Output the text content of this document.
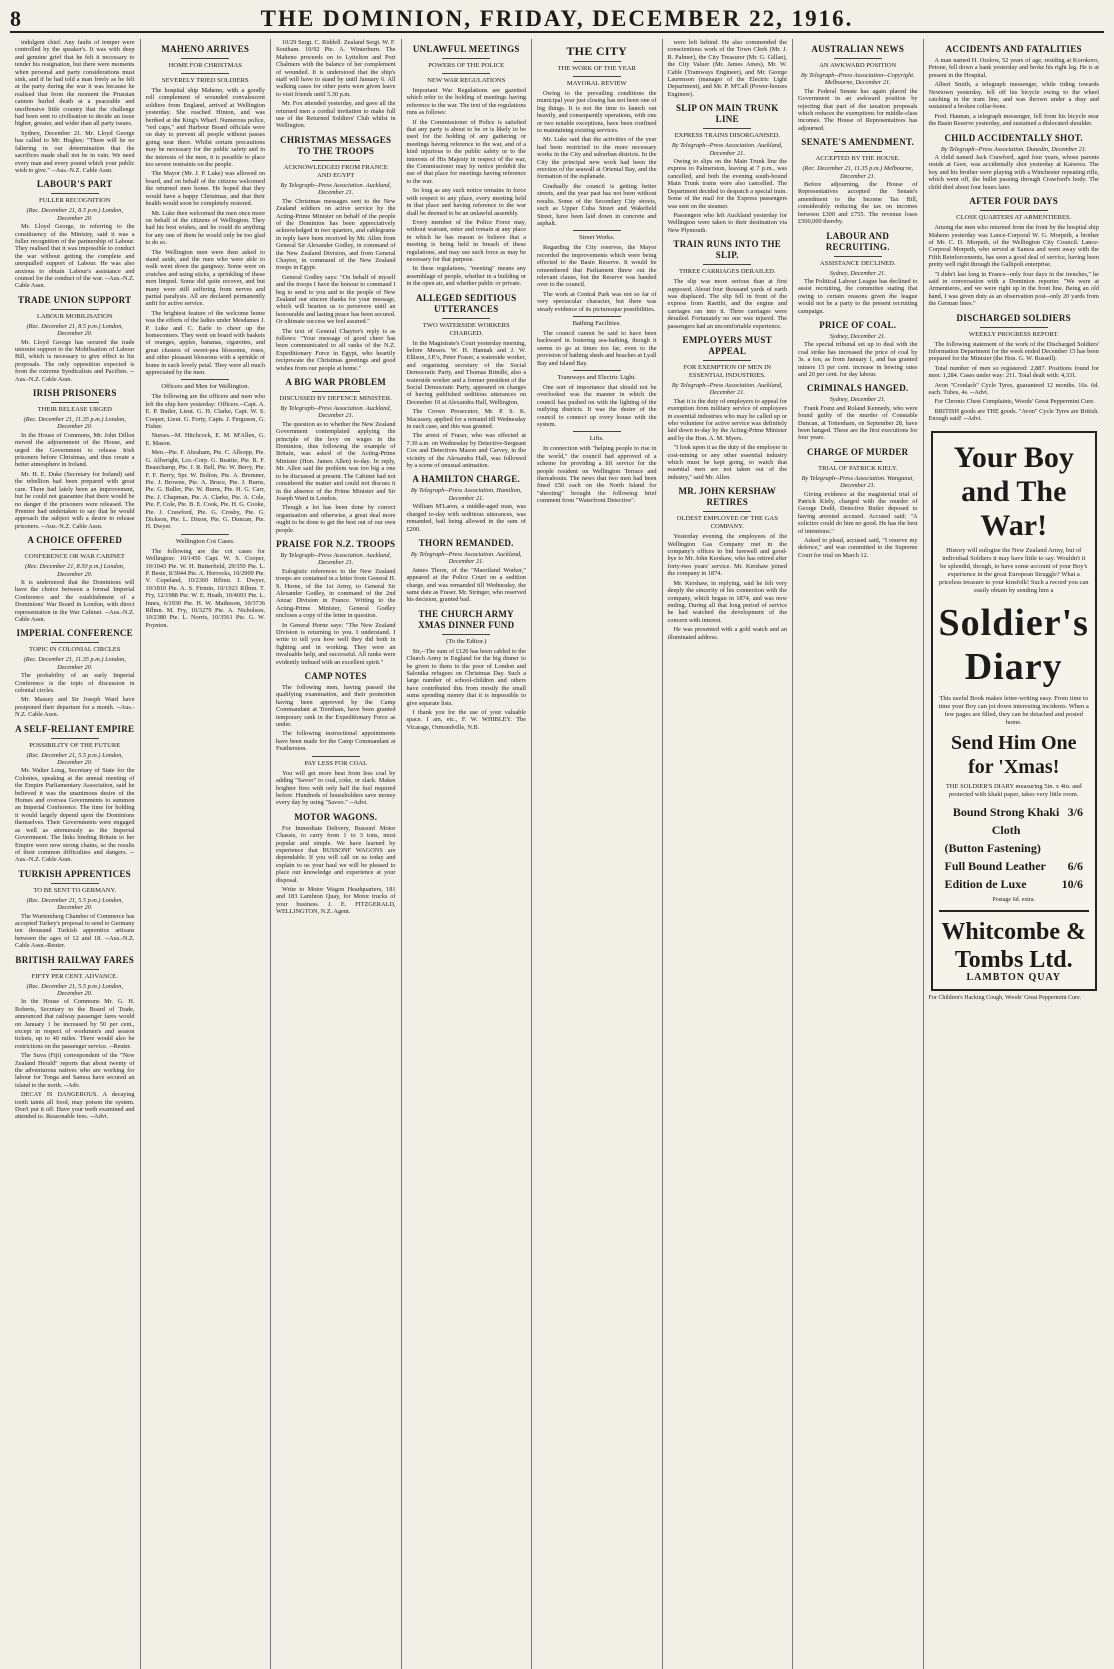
8	THE DOMINION, FRIDAY, DECEMBER 22, 1916.

indulgent chief. Any faults of temper were controlled by the speaker's. It was with deep and genuine grief that he felt it necessary to tender his resignation, but there were moments when personal and party considerations must sink, and if he had told a man freely as he felt at the party during the war it was because he realised that from the moment the Prussian cannon hurled death at a peaceable and unoffensive little country that the challenge had been sent to civilisation to decide an issue higher, greater, and wider than all party issues.

Sydney, December 21. Mr. Lloyd George has called to Mr. Hughes: "There will be no faltering in our determination that the sacrifices made shall not be in vain. We need every man and every pound which your public wish to give." --Aus.-N.Z. Cable Assn.

LABOUR'S PART
FULLER RECOGNITION
(Rec. December 21, 8.5 p.m.) London, December 20.

Mr. Lloyd George, in referring to the constituency of the Ministry, said it was a fuller recognition of the partnership of Labour. They realised that it was impossible to conduct the war without getting the complete and unequalled support of Labour. He was also anxious to obtain Labour's assistance and counsel for the conduct of the war. --Aus.-N.Z. Cable Assn.

TRADE UNION SUPPORT
LABOUR MOBILISATION
(Rec. December 21, 8.5 p.m.) London, December 20.

Mr. Lloyd George has secured the trade unionist support to the Mobilisation of Labour Bill, which is necessary to give effect to his proposals. The only opposition expected is from the extreme Syndicalists and Pacifists. --Aus.-N.Z. Cable Assn.

IRISH PRISONERS
THEIR RELEASE URGED
(Rec. December 21, 11.35 p.m.) London, December 20.

In the House of Commons, Mr. John Dillon moved the adjournment of the House, and urged the Government to release Irish prisoners before Christmas, and thus create a better atmosphere in Ireland.

Mr. H. E. Duke (Secretary for Ireland) said the rebellion had been prepared with great care. There had lately been an improvement, but he could not guarantee that there would be no danger if the prisoners were released. The Premier had undertaken to say that he would approach the subject with a desire to release prisoners. --Aus.-N.Z. Cable Assn.

A CHOICE OFFERED
CONFERENCE OR WAR CABINET
(Rec. December 21, 8.50 p.m.) London, December 20.

It is understood that the Dominions will have the choice between a formal Imperial Conference and the establishment of a Dominions' War Board in London, with direct representation in the War Cabinet. --Aus.-N.Z. Cable Assn.

IMPERIAL CONFERENCE
TOPIC IN COLONIAL CIRCLES
(Rec. December 21, 11.35 p.m.) London, December 20.

The probability of an early Imperial Conference is the topic of discussion in colonial circles.

Mr. Massey and Sir Joseph Ward have postponed their departure for a month. --Aus.-N.Z. Cable Assn.

A SELF-RELIANT EMPIRE
POSSIBILITY OF THE FUTURE
(Rec. December 21, 5.5 p.m.) London, December 20.

Mr. Walter Long, Secretary of State for the Colonies, speaking at the annual meeting of the Empire Parliamentary Association, said he believed it was the unanimous desire of the Homes and oversea Governments to summon an Imperial Conference. The time for holding it would largely depend upon the Dominions themselves. Their Governments were engaged as well as strenuously as the Imperial Government. The links binding Britain to her Empire were now strong chains, so the results of their common difficulties and dangers. --Aus.-N.Z. Cable Assn.

TURKISH APPRENTICES
TO BE SENT TO GERMANY.
(Rec. December 21, 5.5 p.m.) London, December 20.

The Wurtemberg Chamber of Commerce has accepted Turkey's proposal to send to Germany ten thousand Turkish apprentice artisans between the ages of 12 and 18. --Aus.-N.Z. Cable Assn.-Reuter.

BRITISH RAILWAY FARES
FIFTY PER CENT. ADVANCE.
(Rec. December 21, 5.5 p.m.) London, December 20.

In the House of Commons Mr. G. H. Roberts, Secretary to the Board of Trade, announced that railway passenger fares would on January 1 be increased by 50 per cent., except in respect of workmen's and season tickets, up to 40 miles. There would also be restrictions on the passenger service. --Reuter.

The Suva (Fiji) correspondent of the "New Zealand Herald" reports that about twenty of the adventurous natives who are working for labour for Tonga and Samoa have secured an island to the north. --Adv.

DECAY IS DANGEROUS. A decaying tooth taints all food, may poison the system. Don't put it off. Have your teeth examined and attended to. Reasonable fees. --Advt.

MAHENO ARRIVES
HOME FOR CHRISTMAS
SEVERELY TRIED SOLDIERS

The hospital ship Maheno, with a goodly roll complement of wounded convalescent soldiers from England, arrived at Wellington yesterday. She reached Hinton, and was berthed at the King's Wharf. Numerous police, "red caps," and Harbour Board officials were on duty to prevent all people without passes going near there. Whilst certain precautions may be necessary for the public safety and in the interests of the men, it is possible to place too severe restraints on the people.

The Mayor (Mr. J. P. Luke) was allowed on board, and on behalf of the citizens welcomed the returned men home. He hoped that they would have a happy Christmas, and that their health would soon be completely restored.

Mr. Luke then welcomed the men once more on behalf of the citizens of Wellington. They had his best wishes, and he could do anything for any one of them he would only be too glad to do so.

The Wellington men were then asked to stand aside, and the men who were able to walk went down the gangway. Some were on crutches and using sticks, a sprinkling of these men limped. Some did quite recover, and but many were still suffering from nerves and partial paralysis. All are declared permanently unfit for active service.

The brightest feature of the welcome home was the efforts of the ladies under Mesdames J. P. Luke and C. Earle to cheer up the homecomers. They went on board with baskets of oranges, apples, bananas, cigarettes, and great clusters of sweet-pea blossoms, roses, and other pleasant blossoms with a sprinkle of home in each lovely petal. They were all much appreciated by the men.

Officers and Men for Wellington.

The following are the officers and men who left the ship here yesterday: Officers.--Capt. A. E. P. Butler, Lieut. G. H. Clarke, Capt. W. S. Cooper, Lieut. G. Forty, Capts. J. Ferguson, G. Fisher.

Nurses.--M. Hitchcock, E. M. M'Allen, G. E. Mason.

Men.--Pte. F. Abraham, Pte. C. Allsopp, Pte. G. Allwright, Lce.-Corp. G. Beattie, Pte. R. F. Beauchamp, Pte. J. R. Bell, Pte. W. Berry, Pte. F. F. Berry, Spr. W. Bolton, Pte. A. Bremner, Pte. J. Browne, Pte. A. Bruce, Pte. J. Burns, Pte. G. Buller, Pte. W. Burns, Pte. H. G. Carr, Pte. J. Chapman, Pte. A. Clarke, Pte. A. Cole, Pte. F. Cole, Pte. B. E. Cook, Pte. H. G. Cooke, Pte. J. Crawford, Pte. G. Crosby, Pte. G. Dickson, Pte. L. Dixon, Pte. G. Duncan, Pte. H. Dwyer.

Wellington Cot Cases.

The following are the cot cases for Wellington: 10/1450 Capt. W. S. Cooper, 10/1043 Pte. W. H. Butterfield, 29/350 Pte. L. P. Beste, 8/3044 Pte. A. Horrocks, 10/2909 Pte. V. Copeland, 10/2360 Rflmn. J. Dwyer, 10/1810 Pte. A. S. Firmin, 10/1923 Rflmn. T. Fry, 12/1988 Pte. W. E. Heath, 10/4093 Pte. L. Innes, 6/1930 Pte. H. W. Matheson, 10/3736 Rflmn. M. Fry, 10/3279 Pte. A. Nicholson, 10/2380 Pte. L. Norris, 10/3561 Pte. G. W. Poynton.

10/29 Sergt. C. Riddell. Zealand Sergt. W. F. Southam. 10/92 Pte. A. Winterburn. The Maheno proceeds on to Lyttelton and Port Chalmers with the balance of her complement of wounded. It is understood that the ship's staff will have to stand by until January 6. All walking cases for other ports were given leave to visit friends until 5.30 p.m.

Mr. Fox attended yesterday, and gave all the returned men a cordial invitation to make full use of the Returned Soldiers' Club whilst in Wellington.

CHRISTMAS MESSAGES TO THE TROOPS
ACKNOWLEDGED FROM FRANCE AND EGYPT
By Telegraph--Press Association. Auckland, December 21.

The Christmas messages sent to the New Zealand soldiers on active service by the Acting-Prime Minister on behalf of the people of the Dominion has been appreciatively acknowledged in two quarters, and cablegrams in reply have been received by Mr. Allen from General Sir Alexander Godley, in command of the New Zealand Division, and from General Chaytor, in command of the New Zealand troops in Egypt.

General Godley says: "On behalf of myself and the troops I have the honour to command I beg to send to you and to the people of New Zealand our sincere thanks for your message, which will hearten us to persevere until an honourable and lasting peace has been secured. Or ultimate success we feel assured."

The text of General Chaytor's reply is as follows: "Your message of good cheer has been communicated to all ranks of the N.Z. Expeditionary Force in Egypt, who heartily reciprocate the Christmas greetings and good wishes from our people at home."

A BIG WAR PROBLEM
DISCUSSED BY DEFENCE MINISTER.
By Telegraph--Press Association. Auckland, December 21.

The question as to whether the New Zealand Government contemplated applying the principle of the levy on wages in the Dominion, thus following the example of Britain, was asked of the Acting-Prime Minister (Hon. James Allen) to-day. In reply, Mr. Allen said the problem was too big a one to be discussed at present. The Cabinet had not considered the matter and could not discuss it in the absence of the Prime Minister and Sir Joseph Ward in London.

Though a lot has been done by correct organisation and otherwise, a great deal more ought to be done to get the best out of our own people.

PRAISE FOR N.Z. TROOPS
By Telegraph--Press Association. Auckland, December 21.

Eulogistic references to the New Zealand troops are contained in a letter from General H. S. Horne, of the 1st Army, to General Sir Alexander Godley, in command of the 2nd Anzac Division in France. Writing to the Acting-Prime Minister, General Godley encloses a copy of the letter in question.

In General Horne says: "The New Zealand Division is returning to you. I understand. I write to tell you how well they did both in fighting and in working. They were an invaluable help, and successful. All ranks were evidently imbued with an excellent spirit."

CAMP NOTES

The following men, having passed the qualifying examination, and their promotion having been approved by the Camp Commandant at Trentham, have been granted temporary rank in the Expeditionary Force as under.

The following instructional appointments have been made for the Camp Commandant at Featherston.

PAY LESS FOR COAL

You will get more heat from less coal by adding "Savoo" to coal, coke, or slack. Makes brighter fires with only half the fuel required before. Hundreds of householders save money every day by using "Savoo." --Advt.

MOTOR WAGONS.

For Immediate Delivery, Bussonf Motor Chassis, to carry from 1 to 3 tons, most popular and simple. We have learned by experience that BUSSONF WAGONS are dependable. If you will call on us today and explain to us your haul we will be pleased to place our knowledge and experience at your disposal.

Write to Motor Wagon Headquarters, 181 and 183 Lambton Quay, for Motor trucks of your business. J. E. FITZGERALD, WELLINGTON, N.Z. Agent.

UNLAWFUL MEETINGS
POWERS OF THE POLICE
NEW WAR REGULATIONS

Important War Regulations are gazetted which refer to the holding of meetings having reference to the war. The text of the regulations runs as follows:

If the Commissioner of Police is satisfied that any party is about to be or is likely to be used for the holding of any gathering or meetings having reference to the war, and of a kind injurious to the public safety or to the interests of His Majesty in respect of the war, the Commissioner may by notice prohibit the use of that place for meetings having reference to the war.

So long as any such notice remains in force with respect to any place, every meeting held in that place and having reference to the war shall be deemed to be an unlawful assembly.

Every member of the Police Force may, without warrant, enter and remain at any place in which he has reason to believe that a meeting is being held in breach of these regulations, and may use such force as may be necessary for that purpose.

In these regulations, "meeting" means any assemblage of people, whether in a building or in the open air, and whether public or private.

ALLEGED SEDITIOUS UTTERANCES
TWO WATERSIDE WORKERS CHARGED.

In the Magistrate's Court yesterday morning, before Messrs. W. H. Hannah and J. W. Ellison, J.P.'s, Peter Fraser, a waterside worker, and organising secretary of the Social Democratic Party, and Thomas Brindle, also a waterside worker and a former president of the Social Democratic Party, appeared on charges of having published seditious utterances on December 10 at Alexandra Hall, Wellington.

The Crown Prosecutor, Mr. P. S. K. Macassey, applied for a remand till Wednesday in each case, and this was granted.

The arrest of Fraser, who was effected at 7.30 a.m. on Wednesday by Detective-Sergeant Cox and Detectives Mason and Carvey, in the vicinity of the Alexandra Hall, was followed by a scene of unusual animation.

A HAMILTON CHARGE.
By Telegraph--Press Association. Hamilton, December 21.

William M'Laren, a middle-aged man, was charged to-day with seditious utterances, was remanded, bail being allowed in the sum of £200.

THORN REMANDED.
By Telegraph--Press Association. Auckland, December 21.

James Thorn, of the "Maoriland Worker," appeared at the Police Court on a sedition charge, and was remanded till Wednesday, the same date as Fraser. Mr. Stringer, who reserved his decision, granted bail.

THE CHURCH ARMY XMAS DINNER FUND
(To the Editor.)

Sir,--The sum of £120 has been cabled to the Church Army in England for the big dinner to be given to them to the poor of London and Salonika refugees on Christmas Day. Such a large number of school-children and others have contributed this from mostly the small sums spending money that it is impossible to give separate lists.

I thank you for the use of your valuable space. I am, etc., F. W. WHIBLEY. The Vicarage, Ormondville, N.B.

THE CITY
THE WORK OF THE YEAR
MAYORAL REVIEW

Owing to the prevailing conditions the municipal year just closing has not been one of big things. It is not the time to launch out heavily, and consequently operations, with one or two notable exceptions, have been confined to maintaining existing services.

Mr. Luke said that the activities of the year had been restricted to the more necessary works in the City and suburban districts. In the City the principal new work had been the erection of the seawall at Oriental Bay, and the formation of the esplanade.

Gradually the council is getting better streets, and the year past has not been without results. Some of the Secondary City streets, such as Upper Cuba Street and Wakefield Street, have been laid down in concrete and asphalt.

Street Works.

Regarding the City reserves, the Mayor recorded the improvements which were being effected to the Basin Reserve. It would be remembered that Parliament threw out the relevant clause, but the Reserve was handed over to the council.

The work at Central Park was not so far of very spectacular character, but there was steady evidence of its picturesque possibilities.

Bathing Facilities.

The council cannot be said to have been backward in fostering sea-bathing, though it seems to go at times too far, even to the provision of bathing sheds and beaches at Lyall Bay and Island Bay.

Tramways and Electric Light.

One sort of importance that should not be overlooked was the manner in which the council has pushed on with the lighting of the outlying districts. It was the desire of the council to connect up every house with the system.

Lifts.

In connection with "helping people to rise in the world," the council had approved of a scheme for providing a lift service for the people resident on Wellington Terrace and thereabouts. The news that two men had been fined £50 each on the North Island for "shooting" brought the following brief comment from "Waterfront Detective".

were left behind. He also commended the conscientious work of the Town Clerk (Mr. J. R. Palmer), the City Treasurer (Mr. G. Gillan), the City Valuer (Mr. James Ames), Mr. W. Cable (Tramways Engineer), and Mr. George Laurenson (manager of the Electric Light Department), and Mr. P. M'Call (Power-houses Engineer).

SLIP ON MAIN TRUNK LINE
EXPRESS TRAINS DISORGANISED.
By Telegraph--Press Association. Auckland, December 21.

Owing to slips on the Main Trunk line the express to Palmerston, leaving at 7 p.m., was cancelled, and both the evening south-bound Main Trunk trains were also cancelled. The Department decided to despatch a special train. Some of the mail for the Express passengers was sent on the steamer.

Passengers who left Auckland yesterday for Wellington were taken to their destination via New Plymouth.

TRAIN RUNS INTO THE SLIP.
THREE CARRIAGES DERAILED.

The slip was more serious than at first supposed. About four thousand yards of earth was displaced. The slip fell in front of the express from Raetihi, and the engine and carriages ran into it. Three carriages were derailed. Fortunately no one was injured. The passengers had an uncomfortable experience.

EMPLOYERS MUST APPEAL
FOR EXEMPTION OF MEN IN ESSENTIAL INDUSTRIES.
By Telegraph--Press Association. Auckland, December 21.

That it is the duty of employers to appeal for exemption from military service of employees in essential industries who may be called up or who volunteer for active service was definitely laid down to-day by the Acting-Prime Minister and by the Hon. A. M. Myers.

"I look upon it as the duty of the employer in cost-mining or any other essential industry which must be kept going, to watch that essential men are not taken out of the industry," said Mr. Allen.

MR. JOHN KERSHAW RETIRES
OLDEST EMPLOYEE OF THE GAS COMPANY.

Yesterday evening the employees of the Wellington Gas Company met in the company's offices to bid farewell and good-bye to Mr. John Kershaw, who has retired after forty-two years' service. Mr. Kershaw joined the company in 1874.

Mr. Kershaw, in replying, said he felt very deeply the sincerity of his connection with the company, which began in 1874, and was now ending. During all that long period of service he had watched the development of the concern with interest.

He was presented with a gold watch and an illuminated address.

AUSTRALIAN NEWS
AN AWKWARD POSITION
By Telegraph--Press Association--Copyright. Melbourne, December 21.

The Federal Senate has again placed the Government in an awkward position by rejecting that part of the taxation proposals which reduces the exemptions for middle-class incomes. The House of Representatives has adjourned.

SENATE'S AMENDMENT.
ACCEPTED BY THE HOUSE.
(Rec. December 21, 11.35 p.m.) Melbourne, December 21.

Before adjourning, the House of Representatives accepted the Senate's amendment to the Income Tax Bill, considerably reducing the tax on incomes between £300 and £755. The revenue loses £500,000 thereby.

LABOUR AND RECRUITING.
ASSISTANCE DECLINED.
Sydney, December 21.

The Political Labour League has declined to assist recruiting, the committee stating that owing to certain reasons given the league would not be a party to the present recruiting campaign.

PRICE OF COAL.
Sydney, December 21.

The special tribunal set up to deal with the coal strike has increased the price of coal by 3s. a ton, as from January 1, and has granted miners 15 per cent. increase in hewing rates and 20 per cent. for day labour.

CRIMINALS HANGED.
Sydney, December 21.

Frank Franz and Roland Kennedy, who were found guilty of the murder of Constable Duncan, at Tottenham, on September 28, have been hanged. These are the first executions for four years.

CHARGE OF MURDER
TRIAL OF PATRICK KIELY.
By Telegraph--Press Association. Wanganui, December 21.

Giving evidence at the magisterial trial of Patrick Kiely, charged with the murder of George Dodd, Detective Butler deposed to having arrested accused. Accused said: "A solicitor could do him no good. He has the best of intentions."

Asked to plead, accused said, "I reserve my defence," and was committed to the Supreme Court for trial on March 12.

ACCIDENTS AND FATALITIES

A man named H. Ozslow, 52 years of age, residing at Korokoro, Petone, fell down a bank yesterday and broke his right leg. He is at present in the Hospital.

Albert Smith, a telegraph messenger, while riding towards Newtown yesterday, fell off his bicycle owing to the wheel catching in the tram line, and was thrown under a dray and sustained a broken collar-bone.

Fred. Hannan, a telegraph messenger, fell from his bicycle near the Basin Reserve yesterday, and sustained a dislocated shoulder.

CHILD ACCIDENTALLY SHOT.
By Telegraph--Press Association. Dunedin, December 21.

A child named Jack Crawford, aged four years, whose parents reside at Gore, was accidentally shot yesterday at Kaiwera. The boy and his brother were playing with a Winchester repeating rifle, which went off, the bullet passing through Crawford's body. The child died about four hours later.

AFTER FOUR DAYS
CLOSE QUARTERS AT ARMENTIERES.

Among the men who returned from the front by the hospital ship Maheno yesterday was Lance-Corporal W. G. Morpeth, a brother of Mr. C. D. Morpeth, of the Wellington City Council. Lance-Corporal Morpeth, who served at Samoa and went away with the Fifth Reinforcements, has seen a good deal of service, having been pretty well right through the Gallipoli enterprise.

"I didn't last long in France--only four days in the trenches," he said in conversation with a Dominion reporter. "We were at Armentieres, and we were right up in the front line. Being an old hand, I was given duty as an observation post--only 20 yards from the German lines."

DISCHARGED SOLDIERS
WEEKLY PROGRESS REPORT.

The following statement of the work of the Discharged Soldiers' Information Department for the week ended December 15 has been prepared for the Minister (the Hon. G. W. Russell).

Total number of men so registered: 2,887. Positions found for men: 1,284. Cases under way: 211. Total dealt with: 4,331.

Avon "Cronlach" Cycle Tyres, guaranteed 12 months. 16s. 6d. each. Tubes, 4s. --Advt.

For Chronic Chest Complaints, Woods' Great Peppermint Cure.

BRITISH goods are THE goods. "Avon" Cycle Tyres are British. Enough said! --Advt.

Your Boy and The War!
History will eulogise the New Zealand Army, but of individual Soldiers it may have little to say. Wouldn't it be splendid, though, to have some account of your Boy's experience in the great European Struggle? What a priceless treasure to your kinsfolk! Such a record you can easily obtain by sending him a
Soldier's Diary
This useful Book makes letter-writing easy. From time to time your Boy can jot down interesting incidents. When a few pages are filled, they can be detached and posted home.
Send Him One for 'Xmas!
THE SOLDIER'S DIARY measuring 5in. x 4in. and protected with khaki paper, takes very little room.
Bound Strong Khaki Cloth
3/6
(Button Fastening)
Full Bound Leather 6/6
Edition de Luxe	10/6
Postage 6d. extra.
Whitcombe & Tombs Ltd.
LAMBTON QUAY
For Children's Hacking Cough, Woods' Great Peppermint Cure.
